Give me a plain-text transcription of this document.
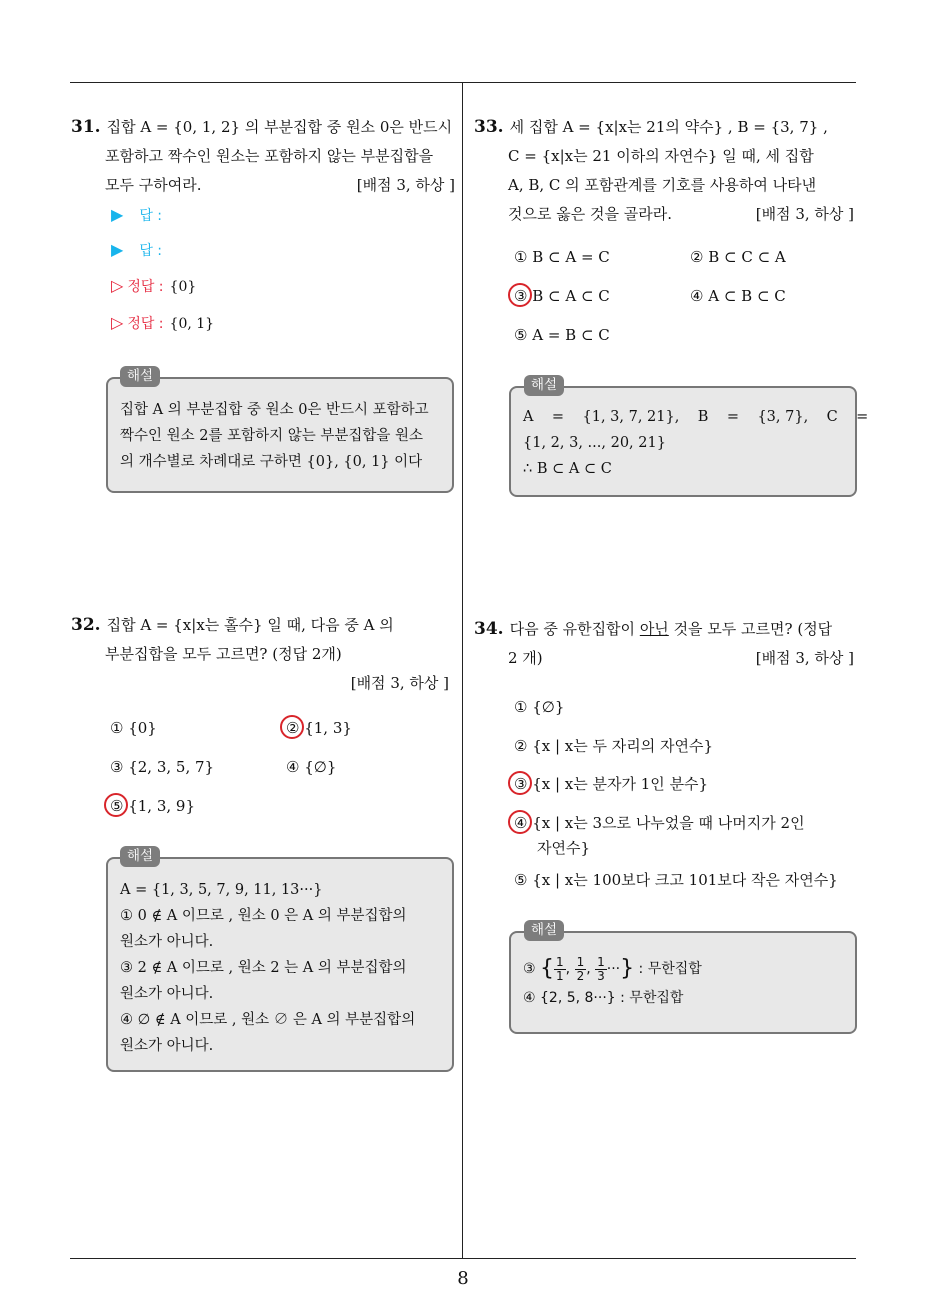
8
31. 집합 A = {0, 1, 2} 의 부분집합 중 원소 0은 반드시
포함하고 짝수인 원소는 포함하지 않는 부분집합을
모두 구하여라.	[배점 3, 하상 ]
▶ 답 :
▶ 답 :
▷ 정답 : {0}
▷ 정답 : {0, 1}
집합 A 의 부분집합 중 원소 0은 반드시 포함하고
짝수인 원소 2를 포함하지 않는 부분집합을 원소
의 개수별로 차례대로 구하면 {0}, {0, 1} 이다
해설
32. 집합 A = {x|x는 홀수} 일 때, 다음 중 A 의
부분집합을 모두 고르면? (정답 2개)
[배점 3, 하상 ]
① {0}	② {1, 3}
③ {2, 3, 5, 7}	④ {∅}
⑤ {1, 3, 9}
A = {1, 3, 5, 7, 9, 11, 13···}
① 0 ∉ A 이므로 , 원소 0 은 A 의 부분집합의
원소가 아니다.
③ 2 ∉ A 이므로 , 원소 2 는 A 의 부분집합의
원소가 아니다.
④ ∅ ∉ A 이므로 , 원소 ∅ 은 A 의 부분집합의
원소가 아니다.
해설
33. 세 집합 A = {x|x는 21의 약수} , B = {3, 7} ,
C = {x|x는 21 이하의 자연수} 일 때, 세 집합
A, B, C 의 포함관계를 기호를 사용하여 나타낸
것으로 옳은 것을 골라라.	[배점 3, 하상 ]
① B ⊂ A = C	② B ⊂ C ⊂ A
③ B ⊂ A ⊂ C	④ A ⊂ B ⊂ C
⑤ A = B ⊂ C
A    =    {1, 3, 7, 21},    B    =    {3, 7},    C    =
{1, 2, 3, ..., 20, 21}
∴ B ⊂ A ⊂ C
해설
34. 다음 중 유한집합이 아닌 것을 모두 고르면? (정답
2 개)	[배점 3, 하상 ]
① {∅}
② {x | x는 두 자리의 자연수}
③ {x | x는 분자가 1인 분수}
④ {x | x는 3으로 나누었을 때 나머지가 2인
자연수}
⑤ {x | x는 100보다 크고 101보다 작은 자연수}
③ { $\frac{1}{1}$ , $\frac{1}{2}$ , $\frac{1}{3}$ ···} : 무한집합
④ {2, 5, 8···} : 무한집합
해설
